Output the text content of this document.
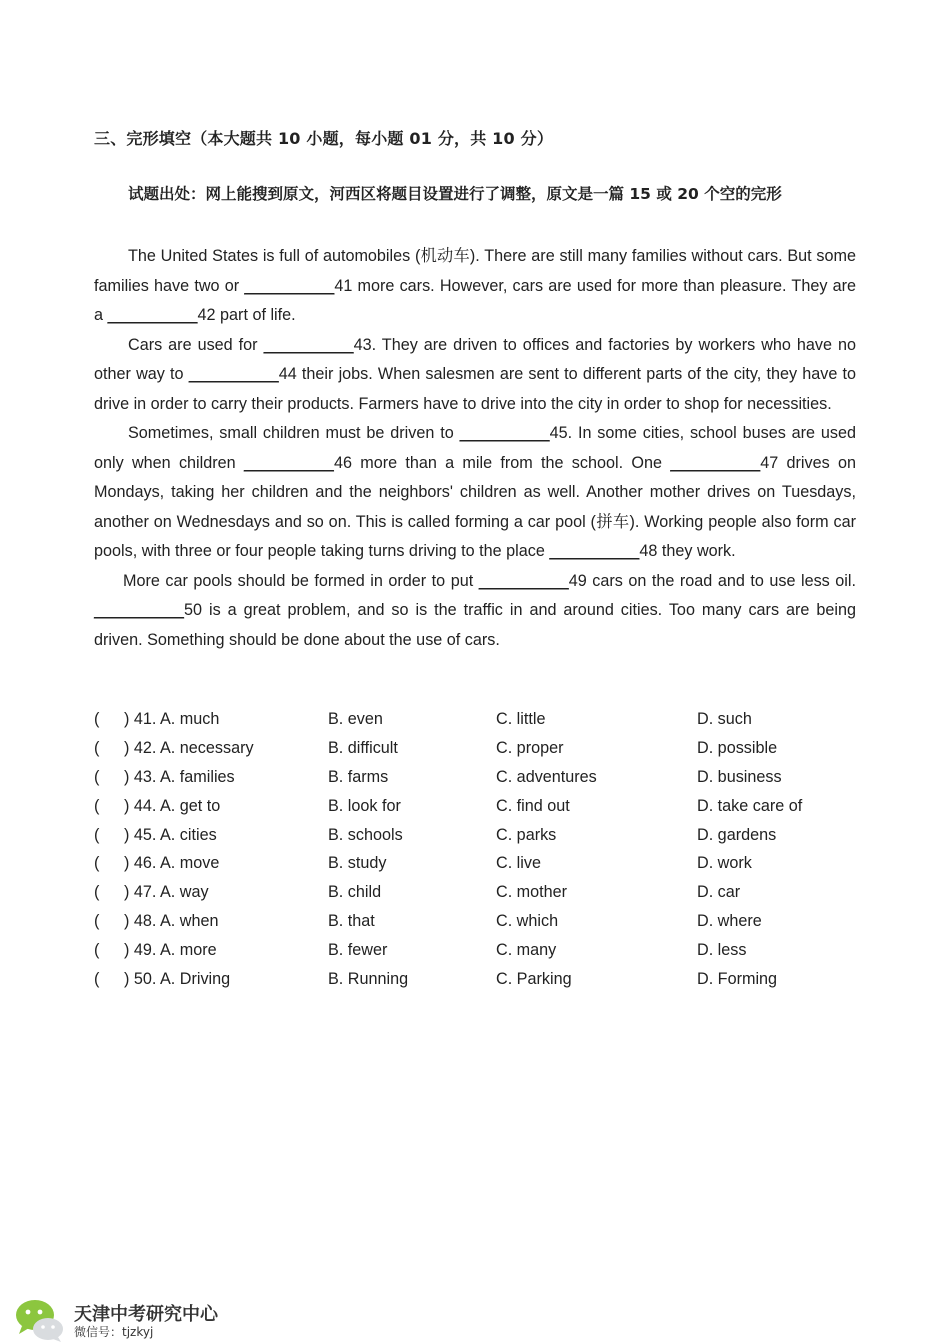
三、完形填空（本大题共 10 小题，每小题 01 分，共 10 分）
试题出处：网上能搜到原文，河西区将题目设置进行了调整，原文是一篇 15 或 20 个空的完形

The United States is full of automobiles (机动车). There are still many families without cars. But some families have two or __________41 more cars. However, cars are used for more than pleasure. They are a __________42 part of life.

Cars are used for __________43. They are driven to offices and factories by workers who have no other way to __________44 their jobs. When salesmen are sent to different parts of the city, they have to drive in order to carry their products. Farmers have to drive into the city in order to shop for necessities.

Sometimes, small children must be driven to __________45. In some cities, school buses are used only when children __________46 more than a mile from the school. One __________47 drives on Mondays, taking her children and the neighbors' children as well. Another mother drives on Tuesdays, another on Wednesdays and so on. This is called forming a car pool (拼车). Working people also form car pools, with three or four people taking turns driving to the place __________48 they work.

More car pools should be formed in order to put __________49 cars on the road and to use less oil. __________50 is a great problem, and so is the traffic in and around cities. Too many cars are being driven. Something should be done about the use of cars.

( ) 41. A. much	B. even	C. little	D. such
( ) 42. A. necessary	B. difficult	C. proper	D. possible
( ) 43. A. families	B. farms	C. adventures	D. business
( ) 44. A. get to	B. look for	C. find out	D. take care of
( ) 45. A. cities	B. schools	C. parks	D. gardens
( ) 46. A. move	B. study	C. live	D. work
( ) 47. A. way	B. child	C. mother	D. car
( ) 48. A. when	B. that	C. which	D. where
( ) 49. A. more	B. fewer	C. many	D. less
( ) 50. A. Driving	B. Running	C. Parking	D. Forming
天津中考研究中心
微信号：tjzkyj
